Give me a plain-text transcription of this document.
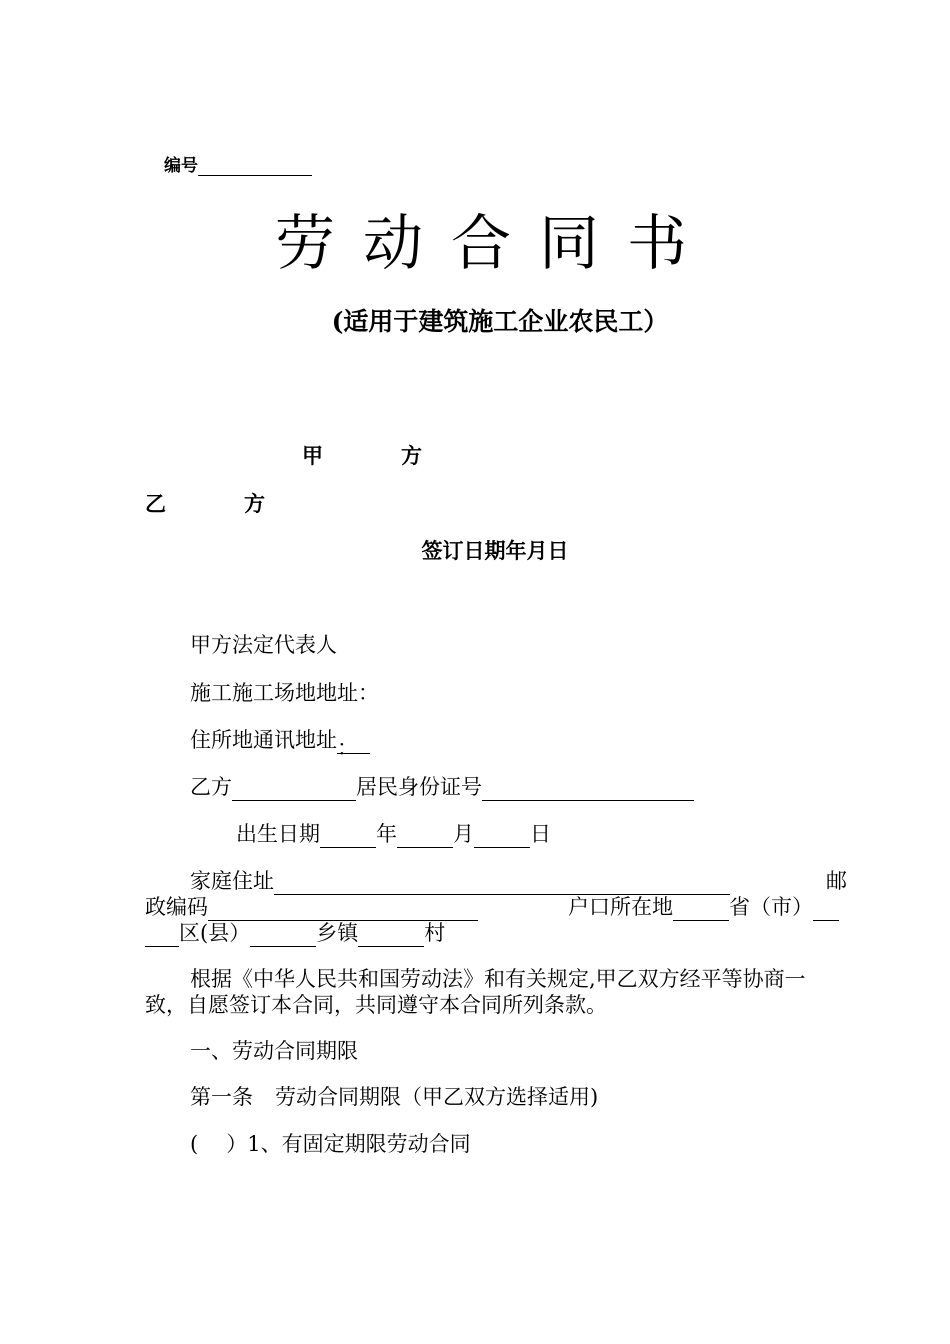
编号
劳动合同书
(适用于建筑施工企业农民工）
甲	方
乙	方
签订日期年月日
甲方法定代表人
施工施工场地地址：
住所地通讯地址：
乙方	居民身份证号
出生日期	年	月	日
家庭住址	邮
政编码	户口所在地	省（市）
区(县）	乡镇	村
根据《中华人民共和国劳动法》和有关规定,甲乙双方经平等协商一
致，自愿签订本合同，共同遵守本合同所列条款。
一、劳动合同期限
第一条 劳动合同期限（甲乙双方选择适用)
( ）1、有固定期限劳动合同
